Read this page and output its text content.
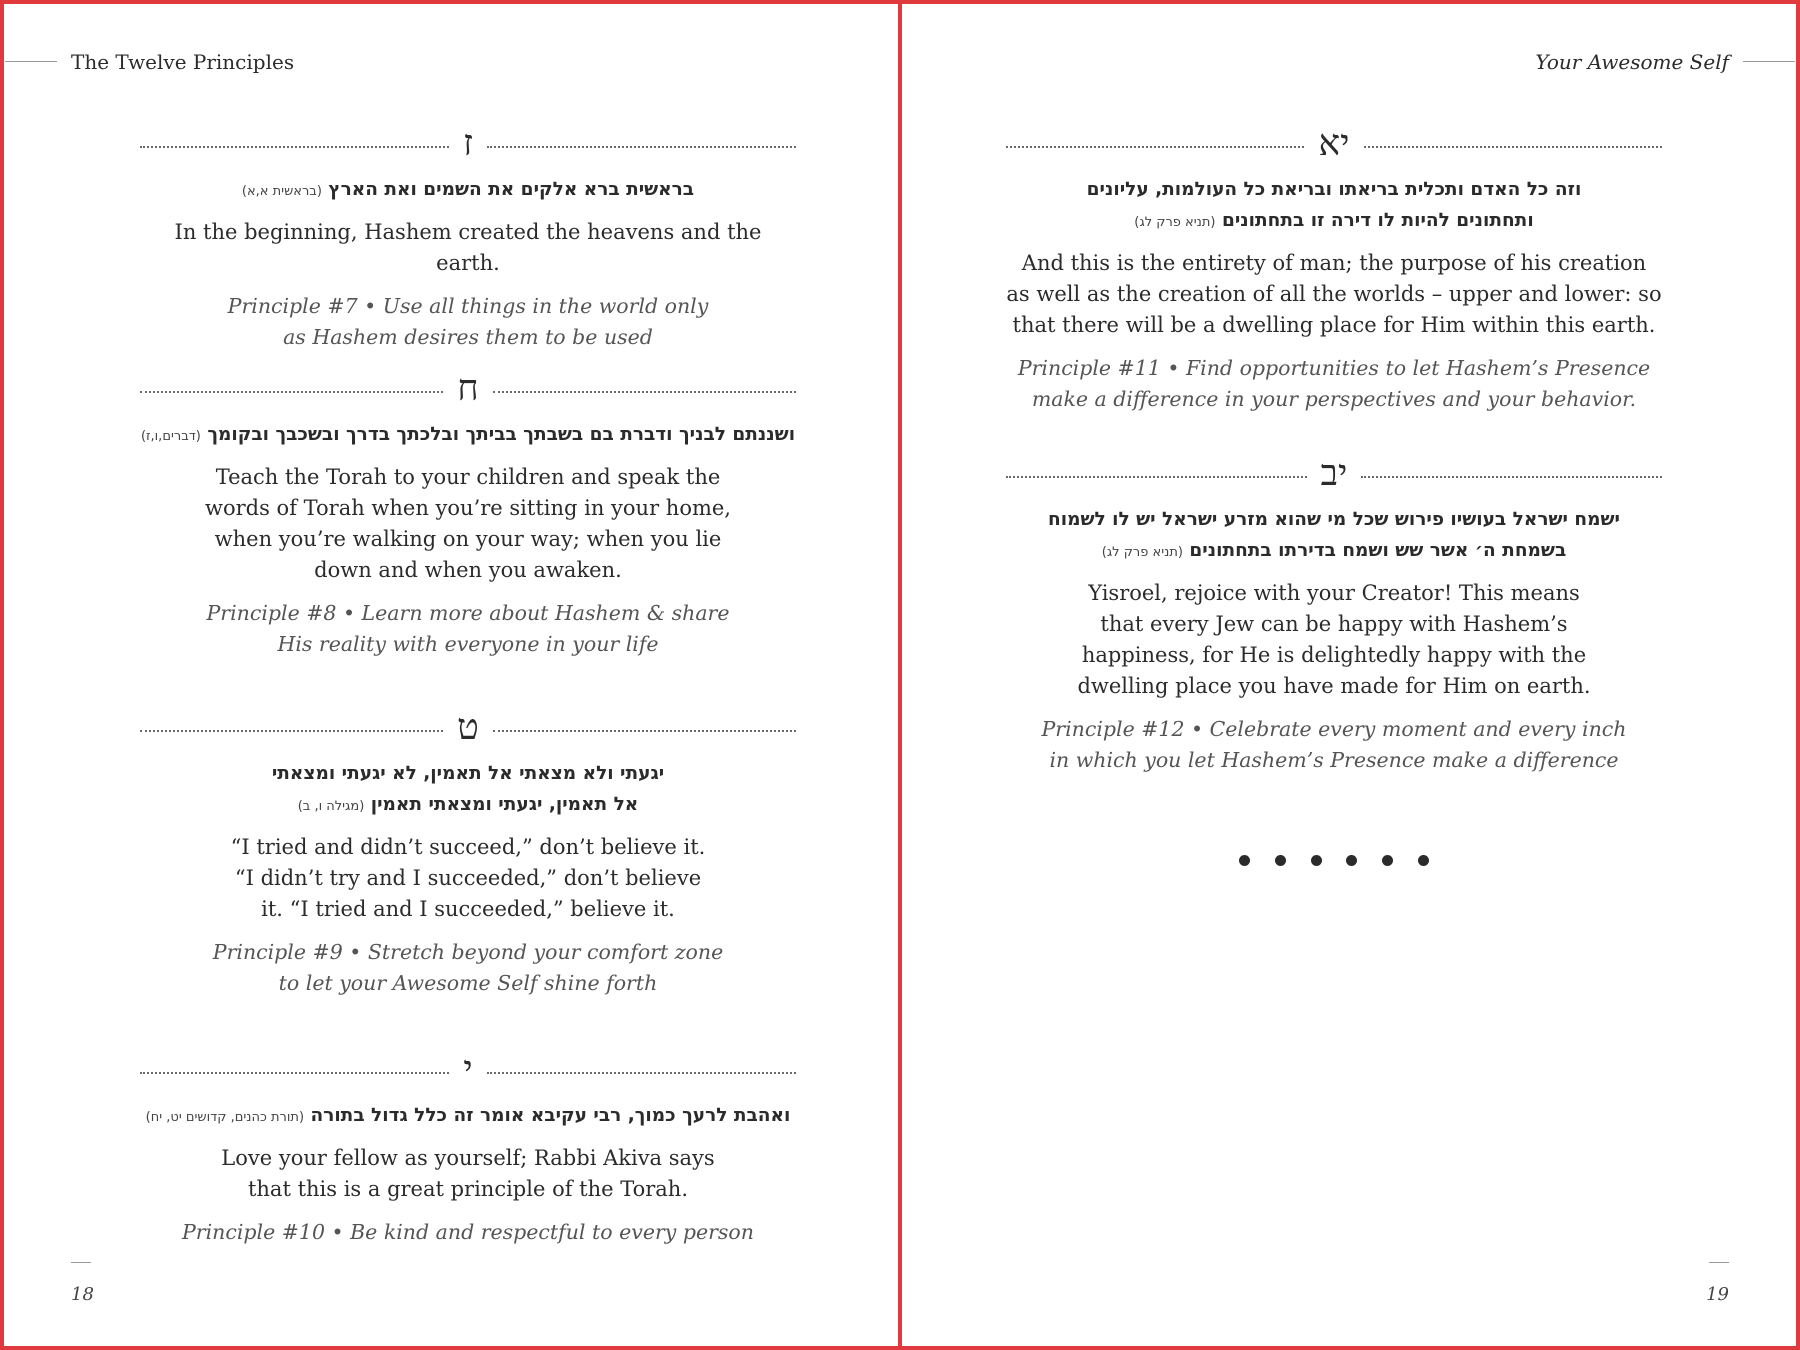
The Twelve Principles
ז
בראשית ברא אלקים את השמים ואת הארץ (בראשית א,א)
In the beginning, Hashem created the heavens and the earth.
Principle #7 • Use all things in the world only
as Hashem desires them to be used
ח
ושננתם לבניך ודברת בם בשבתך בביתך ובלכתך בדרך ובשכבך ובקומך (דברים,ו,ז)
Teach the Torah to your children and speak the
words of Torah when you’re sitting in your home,
when you’re walking on your way; when you lie
down and when you awaken.
Principle #8 • Learn more about Hashem & share
His reality with everyone in your life
ט
יגעתי ולא מצאתי אל תאמין, לא יגעתי ומצאתי
אל תאמין, יגעתי ומצאתי תאמין (מגילה ו, ב)
“I tried and didn’t succeed,” don’t believe it.
“I didn’t try and I succeeded,” don’t believe
it. “I tried and I succeeded,” believe it.
Principle #9 • Stretch beyond your comfort zone
to let your Awesome Self shine forth
י
ואהבת לרעך כמוך, רבי עקיבא אומר זה כלל גדול בתורה (תורת כהנים, קדושים יט, יח)
Love your fellow as yourself; Rabbi Akiva says
that this is a great principle of the Torah.
Principle #10 • Be kind and respectful to every person
18
Your Awesome Self
יא
וזה כל האדם ותכלית בריאתו ובריאת כל העולמות, עליונים
ותחתונים להיות לו דירה זו בתחתונים (תניא פרק לג)
And this is the entirety of man; the purpose of his creation
as well as the creation of all the worlds – upper and lower: so
that there will be a dwelling place for Him within this earth.
Principle #11 • Find opportunities to let Hashem’s Presence
make a difference in your perspectives and your behavior.
יב
ישמח ישראל בעושיו פירוש שכל מי שהוא מזרע ישראל יש לו לשמוח
בשמחת ה׳ אשר שש ושמח בדירתו בתחתונים (תניא פרק לג)
Yisroel, rejoice with your Creator! This means
that every Jew can be happy with Hashem’s
happiness, for He is delightedly happy with the
dwelling place you have made for Him on earth.
Principle #12 • Celebrate every moment and every inch
in which you let Hashem’s Presence make a difference
19
